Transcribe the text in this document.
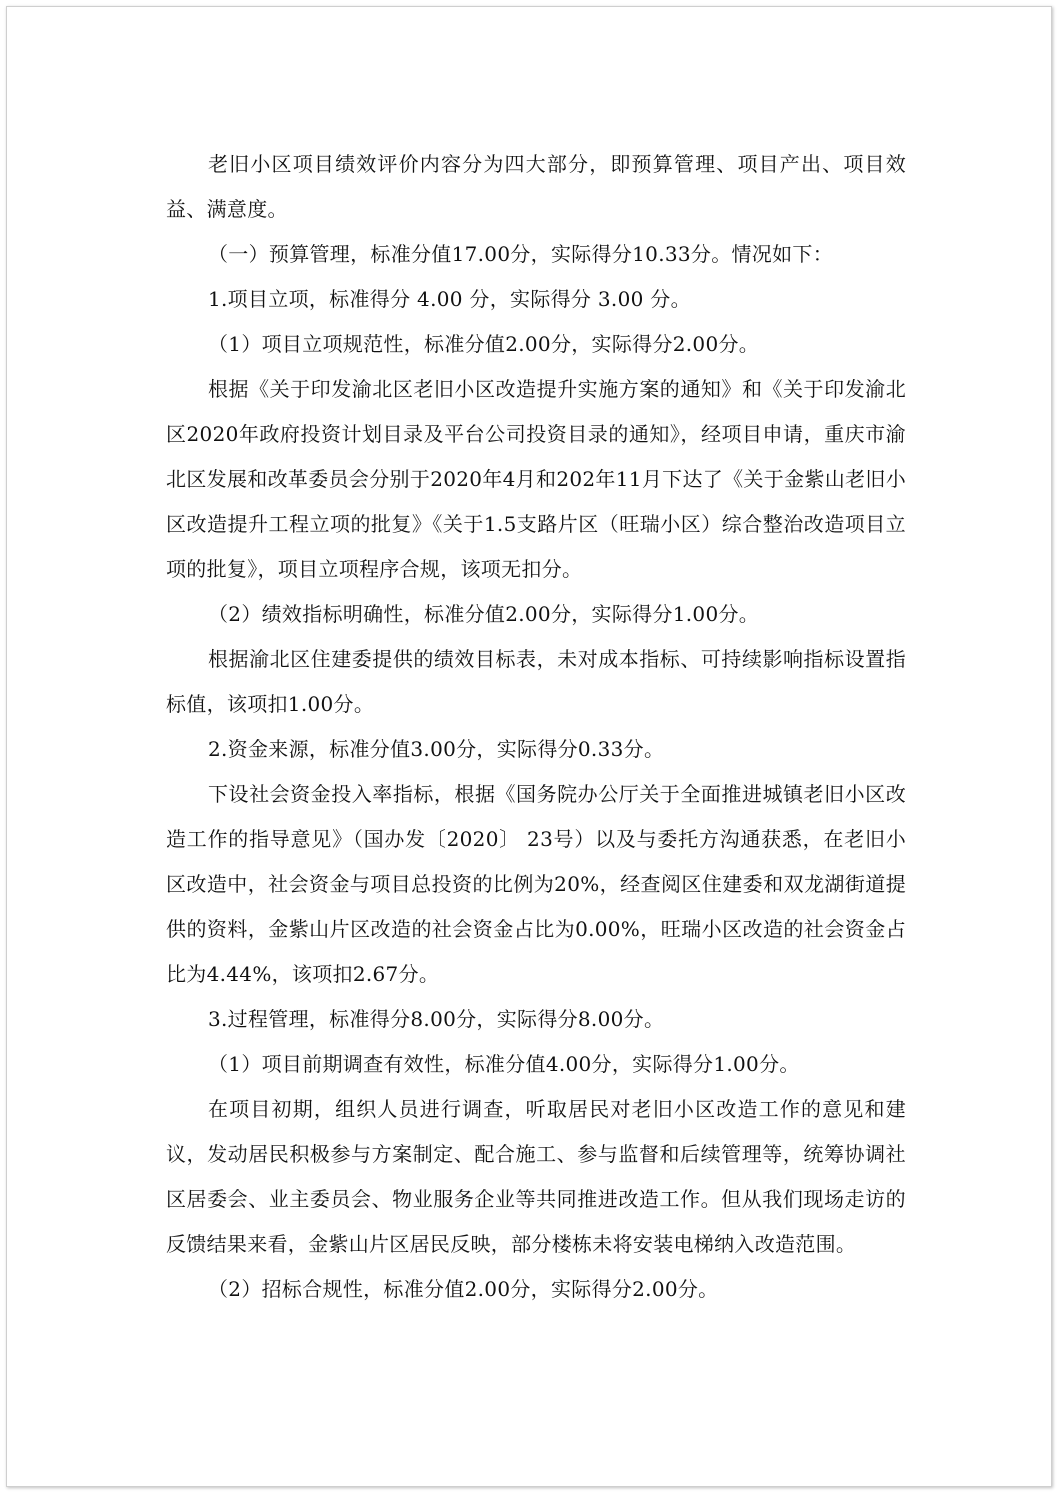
老旧小区项目绩效评价内容分为四大部分，即预算管理、项目产出、项目效益、满意度。

（一）预算管理，标准分值17.00分，实际得分10.33分。情况如下：

1.项目立项，标准得分 4.00 分，实际得分 3.00 分。

（1）项目立项规范性，标准分值2.00分，实际得分2.00分。

根据《关于印发渝北区老旧小区改造提升实施方案的通知》和《关于印发渝北区2020年政府投资计划目录及平台公司投资目录的通知》，经项目申请，重庆市渝北区发展和改革委员会分别于2020年4月和202年11月下达了《关于金紫山老旧小区改造提升工程立项的批复》《关于1.5支路片区（旺瑞小区）综合整治改造项目立项的批复》，项目立项程序合规，该项无扣分。

（2）绩效指标明确性，标准分值2.00分，实际得分1.00分。

根据渝北区住建委提供的绩效目标表，未对成本指标、可持续影响指标设置指标值，该项扣1.00分。

2.资金来源，标准分值3.00分，实际得分0.33分。

下设社会资金投入率指标，根据《国务院办公厅关于全面推进城镇老旧小区改造工作的指导意见》（国办发〔2020〕 23号）以及与委托方沟通获悉，在老旧小区改造中，社会资金与项目总投资的比例为20%，经查阅区住建委和双龙湖街道提供的资料，金紫山片区改造的社会资金占比为0.00%，旺瑞小区改造的社会资金占比为4.44%，该项扣2.67分。

3.过程管理，标准得分8.00分，实际得分8.00分。

（1）项目前期调查有效性，标准分值4.00分，实际得分1.00分。

在项目初期，组织人员进行调查，听取居民对老旧小区改造工作的意见和建议，发动居民积极参与方案制定、配合施工、参与监督和后续管理等，统筹协调社区居委会、业主委员会、物业服务企业等共同推进改造工作。但从我们现场走访的反馈结果来看，金紫山片区居民反映，部分楼栋未将安装电梯纳入改造范围。

（2）招标合规性，标准分值2.00分，实际得分2.00分。
